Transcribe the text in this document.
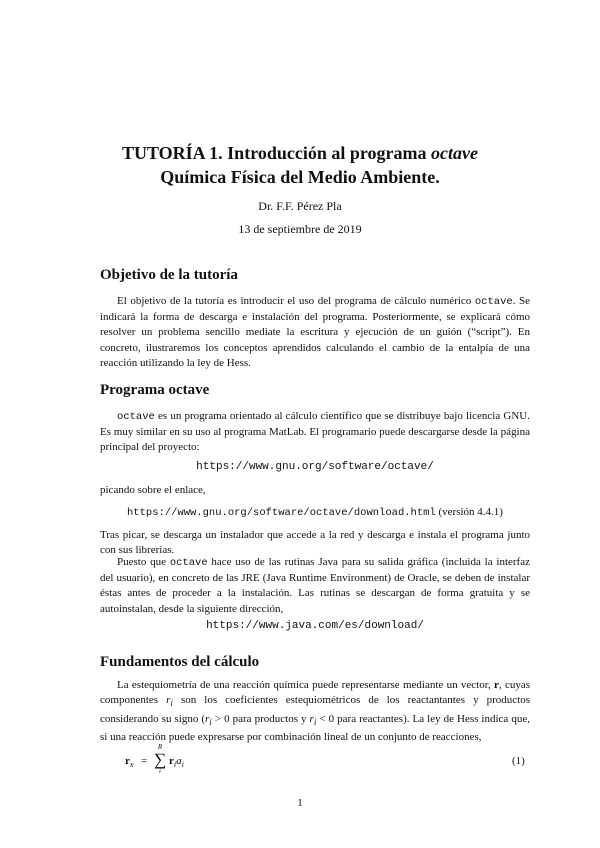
TUTORÍA 1. Introducción al programa octave

Química Física del Medio Ambiente.

Dr. F.F. Pérez Pla
13 de septiembre de 2019
Objetivo de la tutoría

El objetivo de la tutoría es introducir el uso del programa de cálculo numérico octave. Se indicará la forma de descarga e instalación del programa. Posteriormente, se explicará cómo resolver un problema sencillo mediate la escritura y ejecución de un guión (“script”). En concreto, ilustraremos los conceptos aprendidos calculando el cambio de la entalpía de una reacción utilizando la ley de Hess.

Programa octave

octave es un programa orientado al cálculo científico que se distribuye bajo licencia GNU. Es muy similar en su uso al programa MatLab. El programario puede descargarse desde la página principal del proyecto:

https://www.gnu.org/software/octave/

picando sobre el enlace,

https://www.gnu.org/software/octave/download.html (versión 4.4.1)

Tras picar, se descarga un instalador que accede a la red y descarga e instala el programa junto con sus librerías.

Puesto que octave hace uso de las rutinas Java para su salida gráfica (incluida la interfaz del usuario), en concreto de las JRE (Java Runtime Environment) de Oracle, se deben de instalar éstas antes de proceder a la instalación. Las rutinas se descargan de forma gratuita y se autoinstalan, desde la siguiente dirección,

https://www.java.com/es/download/
Fundamentos del cálculo

La estequiometría de una reacción química puede representarse mediante un vector, r, cuyas componentes $r_i$ son los coeficientes estequiométricos de los reactantantes y productos considerando su signo ($r_i > 0$ para productos y $r_i < 0$ para reactantes). La ley de Hess indica que, si una reacción puede expresarse por combinación lineal de un conjunto de reacciones,

$r_x$ =
R
∑
i
$r_ia_i$	(1)
1
